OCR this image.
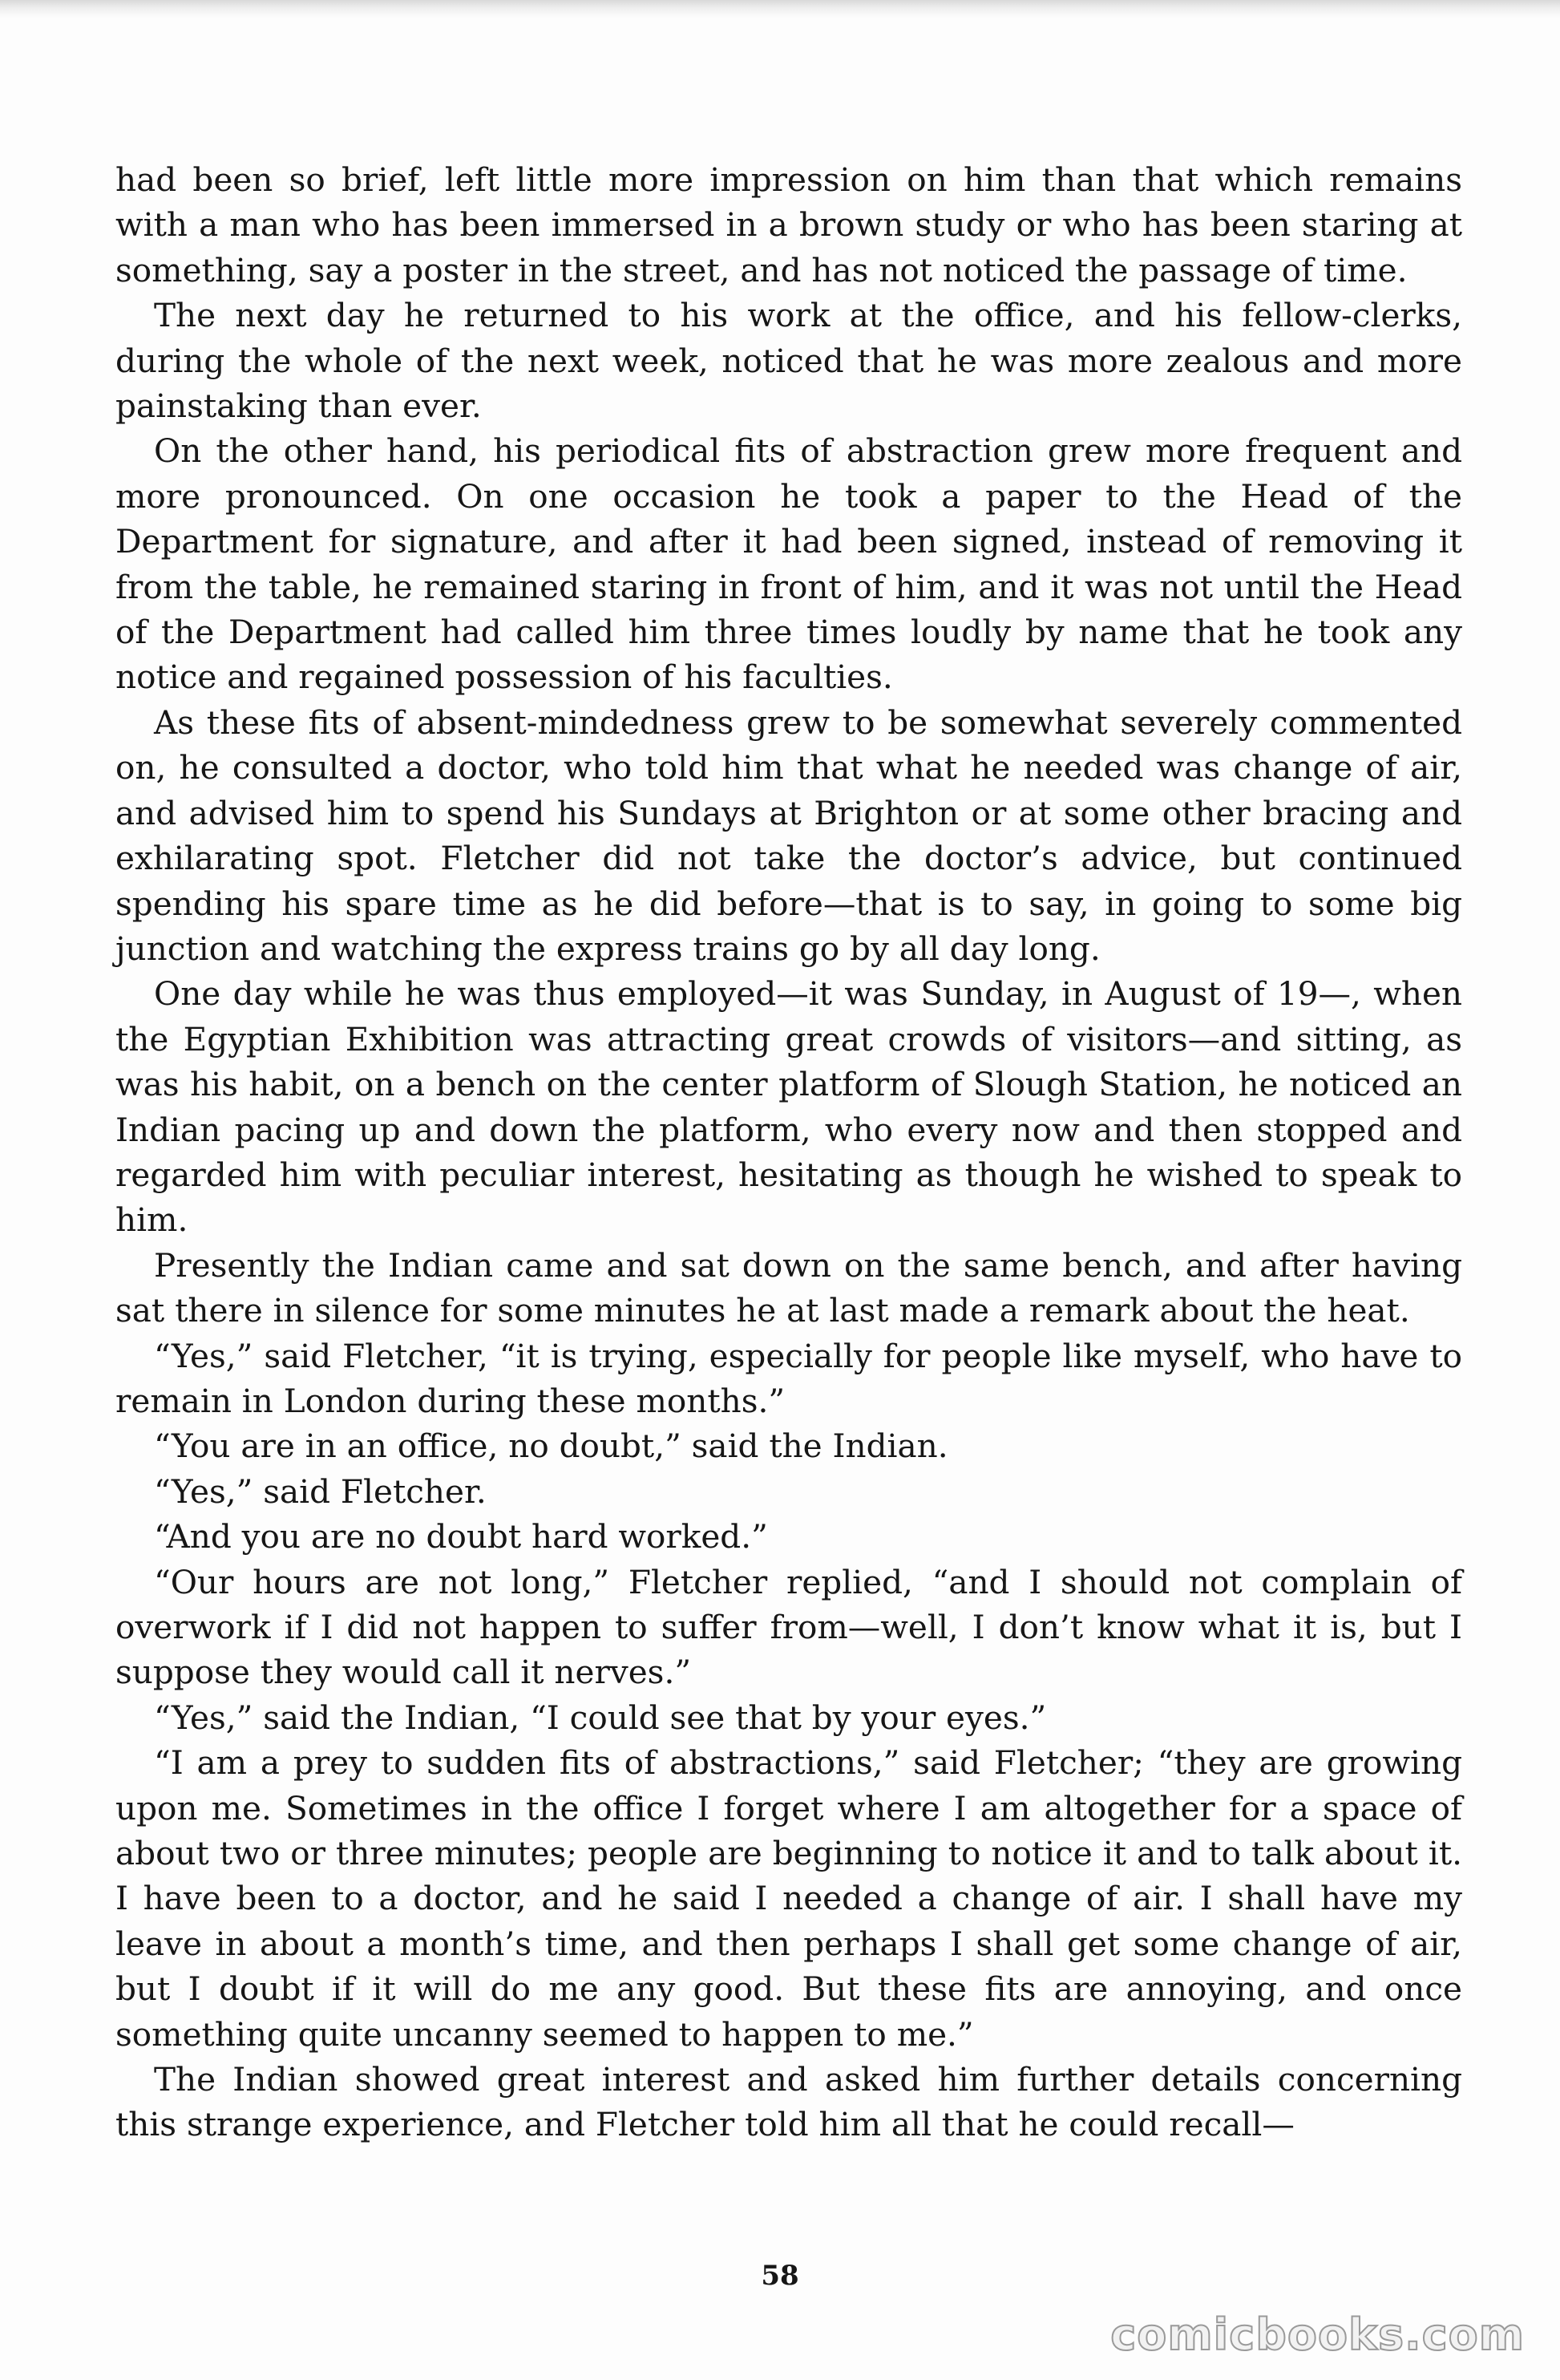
had been so brief, left little more impression on him than that which remains with a man who has been immersed in a brown study or who has been staring at something, say a poster in the street, and has not noticed the passage of time.

The next day he returned to his work at the office, and his fellow-clerks, during the whole of the next week, noticed that he was more zealous and more painstaking than ever.

On the other hand, his periodical fits of abstraction grew more frequent and more pronounced. On one occasion he took a paper to the Head of the Department for signature, and after it had been signed, instead of removing it from the table, he remained staring in front of him, and it was not until the Head of the Department had called him three times loudly by name that he took any notice and regained possession of his faculties.

As these fits of absent-mindedness grew to be somewhat severely commented on, he consulted a doctor, who told him that what he needed was change of air, and advised him to spend his Sundays at Brighton or at some other bracing and exhilarating spot. Fletcher did not take the doctor’s advice, but continued spending his spare time as he did before—that is to say, in going to some big junction and watching the express trains go by all day long.

One day while he was thus employed—it was Sunday, in August of 19—, when the Egyptian Exhibition was attracting great crowds of visitors—and sitting, as was his habit, on a bench on the center platform of Slough Station, he noticed an Indian pacing up and down the platform, who every now and then stopped and regarded him with peculiar interest, hesitating as though he wished to speak to him.

Presently the Indian came and sat down on the same bench, and after having sat there in silence for some minutes he at last made a remark about the heat.

“Yes,” said Fletcher, “it is trying, especially for people like myself, who have to remain in London during these months.”

“You are in an office, no doubt,” said the Indian.

“Yes,” said Fletcher.

“And you are no doubt hard worked.”

“Our hours are not long,” Fletcher replied, “and I should not complain of overwork if I did not happen to suffer from—well, I don’t know what it is, but I suppose they would call it nerves.”

“Yes,” said the Indian, “I could see that by your eyes.”

“I am a prey to sudden fits of abstractions,” said Fletcher; “they are growing upon me. Sometimes in the office I forget where I am altogether for a space of about two or three minutes; people are beginning to notice it and to talk about it. I have been to a doctor, and he said I needed a change of air. I shall have my leave in about a month’s time, and then perhaps I shall get some change of air, but I doubt if it will do me any good. But these fits are annoying, and once something quite uncanny seemed to happen to me.”

The Indian showed great interest and asked him further details concerning this strange experience, and Fletcher told him all that he could recall—

58
comicbooks.com
